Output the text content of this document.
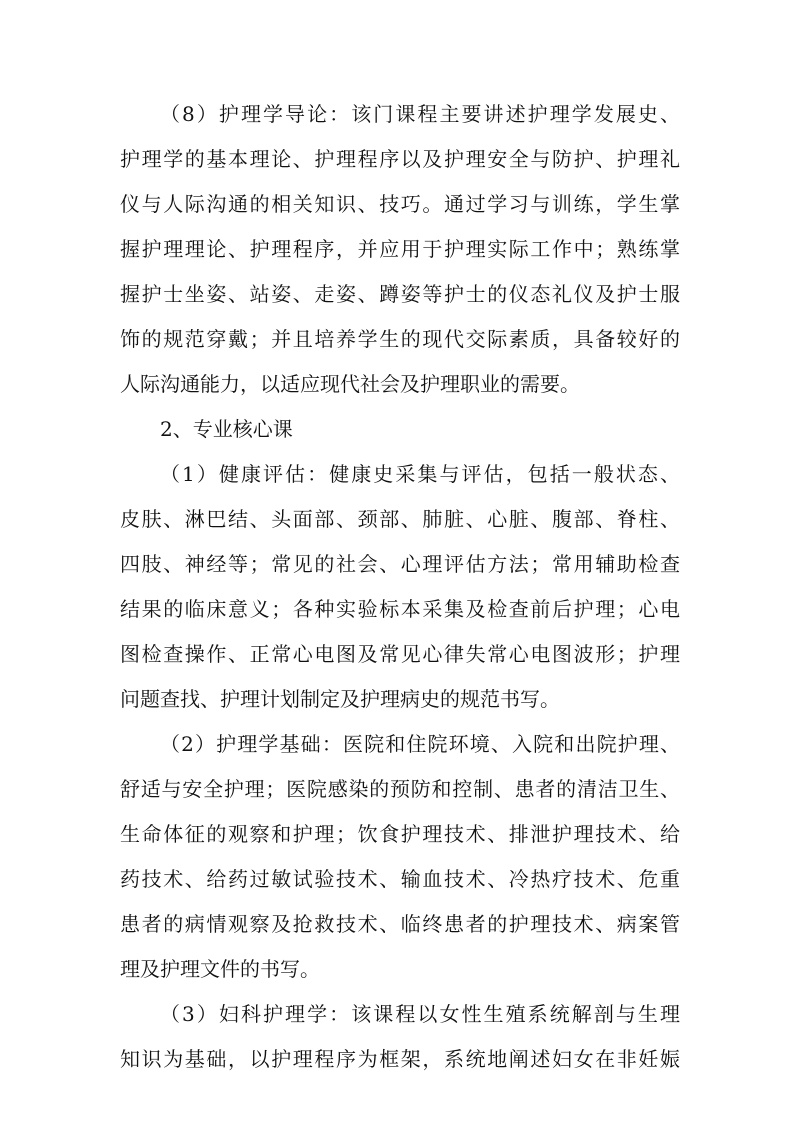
（8）护理学导论：该门课程主要讲述护理学发展史、
护理学的基本理论、护理程序以及护理安全与防护、护理礼
仪与人际沟通的相关知识、技巧。通过学习与训练，学生掌
握护理理论、护理程序，并应用于护理实际工作中；熟练掌
握护士坐姿、站姿、走姿、蹲姿等护士的仪态礼仪及护士服
饰的规范穿戴；并且培养学生的现代交际素质，具备较好的
人际沟通能力，以适应现代社会及护理职业的需要。
2、专业核心课
（1）健康评估：健康史采集与评估，包括一般状态、
皮肤、淋巴结、头面部、颈部、肺脏、心脏、腹部、脊柱、
四肢、神经等；常见的社会、心理评估方法；常用辅助检查
结果的临床意义；各种实验标本采集及检查前后护理；心电
图检查操作、正常心电图及常见心律失常心电图波形；护理
问题查找、护理计划制定及护理病史的规范书写。
（2）护理学基础：医院和住院环境、入院和出院护理、
舒适与安全护理；医院感染的预防和控制、患者的清洁卫生、
生命体征的观察和护理；饮食护理技术、排泄护理技术、给
药技术、给药过敏试验技术、输血技术、冷热疗技术、危重
患者的病情观察及抢救技术、临终患者的护理技术、病案管
理及护理文件的书写。
（3）妇科护理学：该课程以女性生殖系统解剖与生理
知识为基础，以护理程序为框架，系统地阐述妇女在非妊娠
